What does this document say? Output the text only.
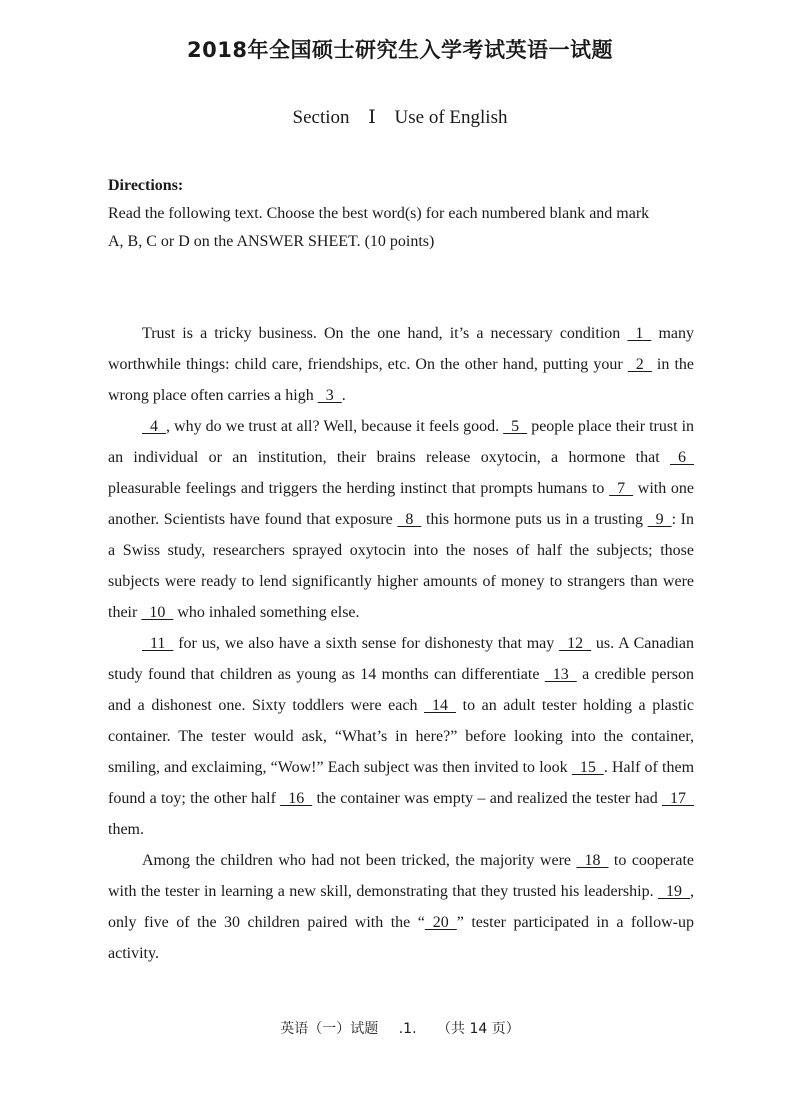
2018年全国硕士研究生入学考试英语一试题
Section Ⅰ Use of English
Directions:
Read the following text. Choose the best word(s) for each numbered blank and mark
A, B, C or D on the ANSWER SHEET. (10 points)

Trust is a tricky business. On the one hand, it’s a necessary condition   1   many worthwhile things: child care, friendships, etc. On the other hand, putting your   2   in the wrong place often carries a high   3  .

4  , why do we trust at all? Well, because it feels good.   5   people place their trust in an individual or an institution, their brains release oxytocin, a hormone that   6   pleasurable feelings and triggers the herding instinct that prompts humans to   7   with one another. Scientists have found that exposure   8   this hormone puts us in a trusting   9  : In a Swiss study, researchers sprayed oxytocin into the noses of half the subjects; those subjects were ready to lend significantly higher amounts of money to strangers than were their   10   who inhaled something else.

11   for us, we also have a sixth sense for dishonesty that may   12   us. A Canadian study found that children as young as 14 months can differentiate   13   a credible person and a dishonest one. Sixty toddlers were each   14   to an adult tester holding a plastic container. The tester would ask, “What’s in here?” before looking into the container, smiling, and exclaiming, “Wow!” Each subject was then invited to look   15  . Half of them found a toy; the other half   16   the container was empty – and realized the tester had   17   them.

Among the children who had not been tricked, the majority were   18   to cooperate with the tester in learning a new skill, demonstrating that they trusted his leadership.   19  , only five of the 30 children paired with the “  20  ” tester participated in a follow-up activity.

英语（一）试题 .1. （共 14 页）
